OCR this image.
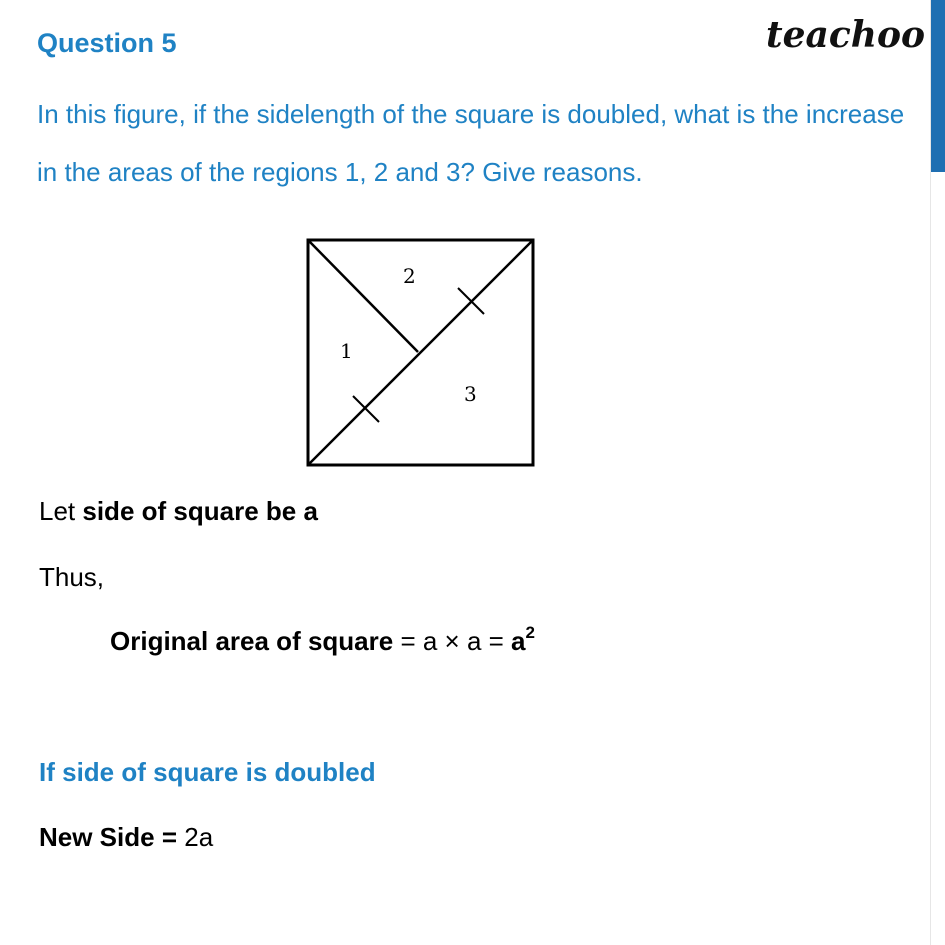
Question 5	teachoo
In this figure, if the sidelength of the square is doubled, what is the increase in the areas of the regions 1, 2 and 3? Give reasons.
1
2
3
Let side of square be a
Thus,
Original area of square = $a \times a = a^2$
If side of square is doubled
New Side = 2a
